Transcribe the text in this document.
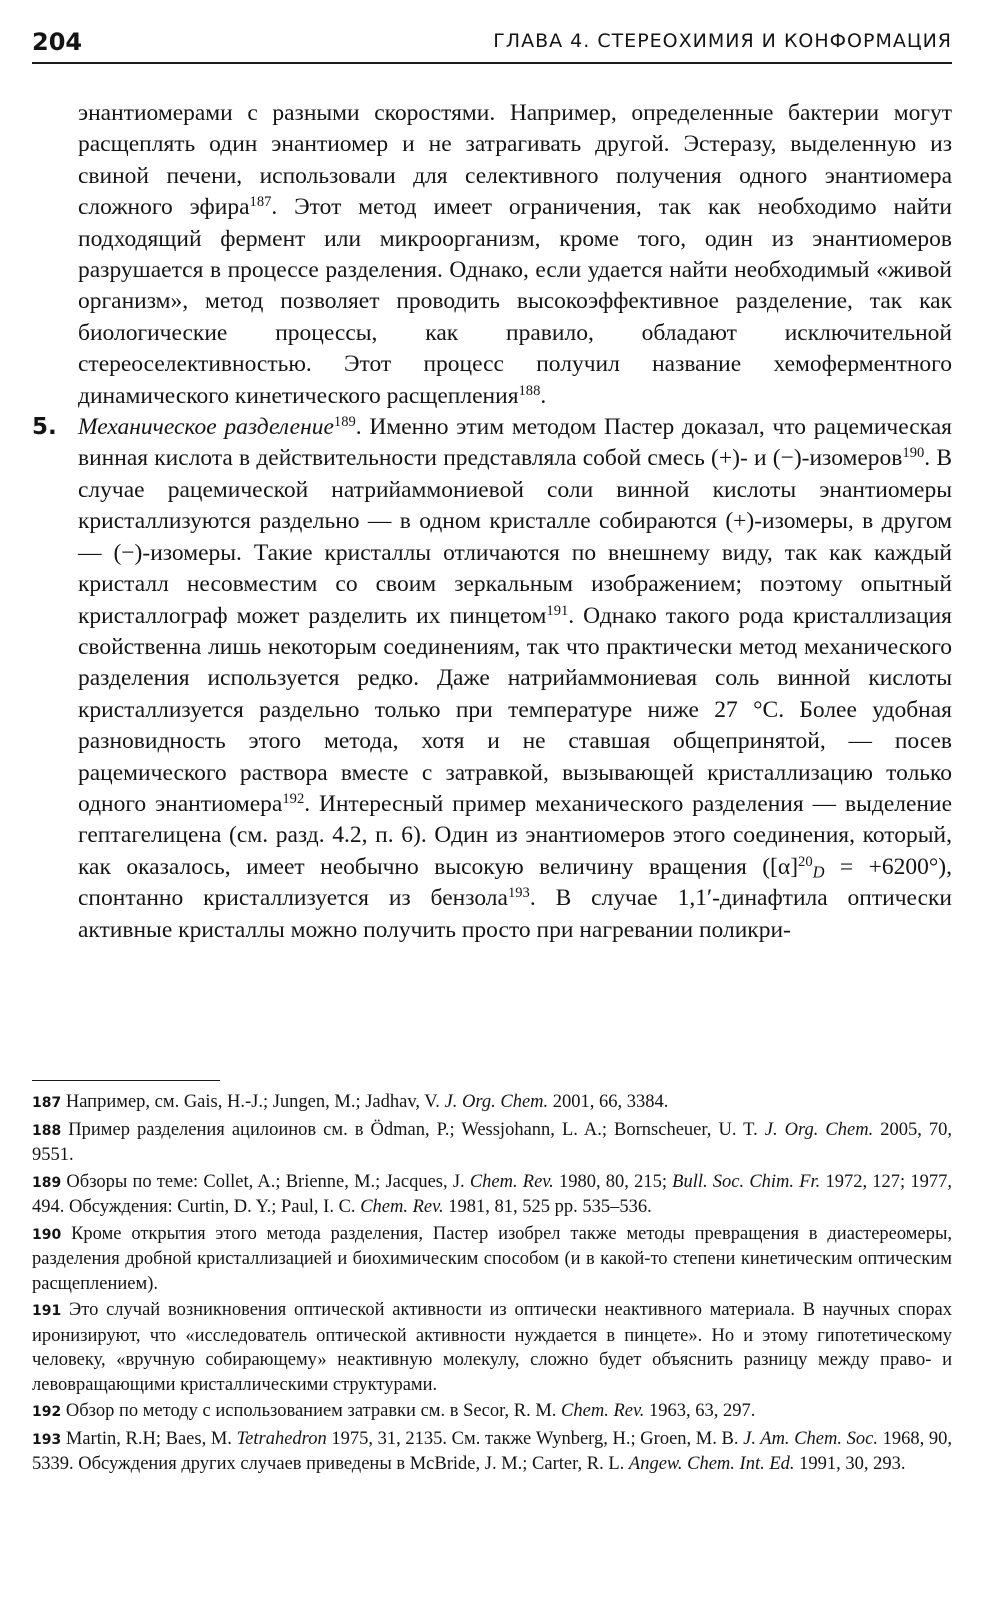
204	ГЛАВА 4. СТЕРЕОХИМИЯ И КОНФОРМАЦИЯ

энантиомерами с разными скоростями. Например, определенные бактерии могут расщеплять один энантиомер и не затрагивать другой. Эстеразу, выделенную из свиной печени, использовали для селективного получения одного энантиомера сложного эфира$^{187}$. Этот метод имеет ограничения, так как необходимо найти подходящий фермент или микроорганизм, кроме того, один из энантиомеров разрушается в процессе разделения. Однако, если удается найти необходимый «живой организм», метод позволяет проводить высокоэффективное разделение, так как биологические процессы, как правило, обладают исключительной стереоселективностью. Этот процесс получил название хемоферментного динамического кинетического расщепления$^{188}$.

5. Механическое разделение$^{189}$. Именно этим методом Пастер доказал, что рацемическая винная кислота в действительности представляла собой смесь (+)- и (−)-изомеров$^{190}$. В случае рацемической натрийаммониевой соли винной кислоты энантиомеры кристаллизуются раздельно — в одном кристалле собираются (+)-изомеры, в другом — (−)-изомеры. Такие кристаллы отличаются по внешнему виду, так как каждый кристалл несовместим со своим зеркальным изображением; поэтому опытный кристаллограф может разделить их пинцетом$^{191}$. Однако такого рода кристаллизация свойственна лишь некоторым соединениям, так что практически метод механического разделения используется редко. Даже натрийаммониевая соль винной кислоты кристаллизуется раздельно только при температуре ниже 27 °C. Более удобная разновидность этого метода, хотя и не ставшая общепринятой, — посев рацемического раствора вместе с затравкой, вызывающей кристаллизацию только одного энантиомера$^{192}$. Интересный пример механического разделения — выделение гептагелицена (см. разд. 4.2, п. 6). Один из энантиомеров этого соединения, который, как оказалось, имеет необычно высокую величину вращения $([\alpha]^{20}_D = +6200^\circ)$, спонтанно кристаллизуется из бензола$^{193}$. В случае 1,1′-динафтила оптически активные кристаллы можно получить просто при нагревании поликри-

187 Например, см. Gais, H.-J.; Jungen, M.; Jadhav, V. J. Org. Chem. 2001, 66, 3384.

188 Пример разделения ацилоинов см. в Ödman, P.; Wessjohann, L. A.; Bornscheuer, U. T. J. Org. Chem. 2005, 70, 9551.

189 Обзоры по теме: Collet, A.; Brienne, M.; Jacques, J. Chem. Rev. 1980, 80, 215; Bull. Soc. Chim. Fr. 1972, 127; 1977, 494. Обсуждения: Curtin, D. Y.; Paul, I. C. Chem. Rev. 1981, 81, 525 pp. 535–536.

190 Кроме открытия этого метода разделения, Пастер изобрел также методы превращения в диастереомеры, разделения дробной кристаллизацией и биохимическим способом (и в какой-то степени кинетическим оптическим расщеплением).

191 Это случай возникновения оптической активности из оптически неактивного материала. В научных спорах иронизируют, что «исследователь оптической активности нуждается в пинцете». Но и этому гипотетическому человеку, «вручную собирающему» неактивную молекулу, сложно будет объяснить разницу между право- и левовращающими кристаллическими структурами.

192 Обзор по методу с использованием затравки см. в Secor, R. M. Chem. Rev. 1963, 63, 297.

193 Martin, R.H; Baes, M. Tetrahedron 1975, 31, 2135. См. также Wynberg, H.; Groen, M. B. J. Am. Chem. Soc. 1968, 90, 5339. Обсуждения других случаев приведены в McBride, J. M.; Carter, R. L. Angew. Chem. Int. Ed. 1991, 30, 293.
